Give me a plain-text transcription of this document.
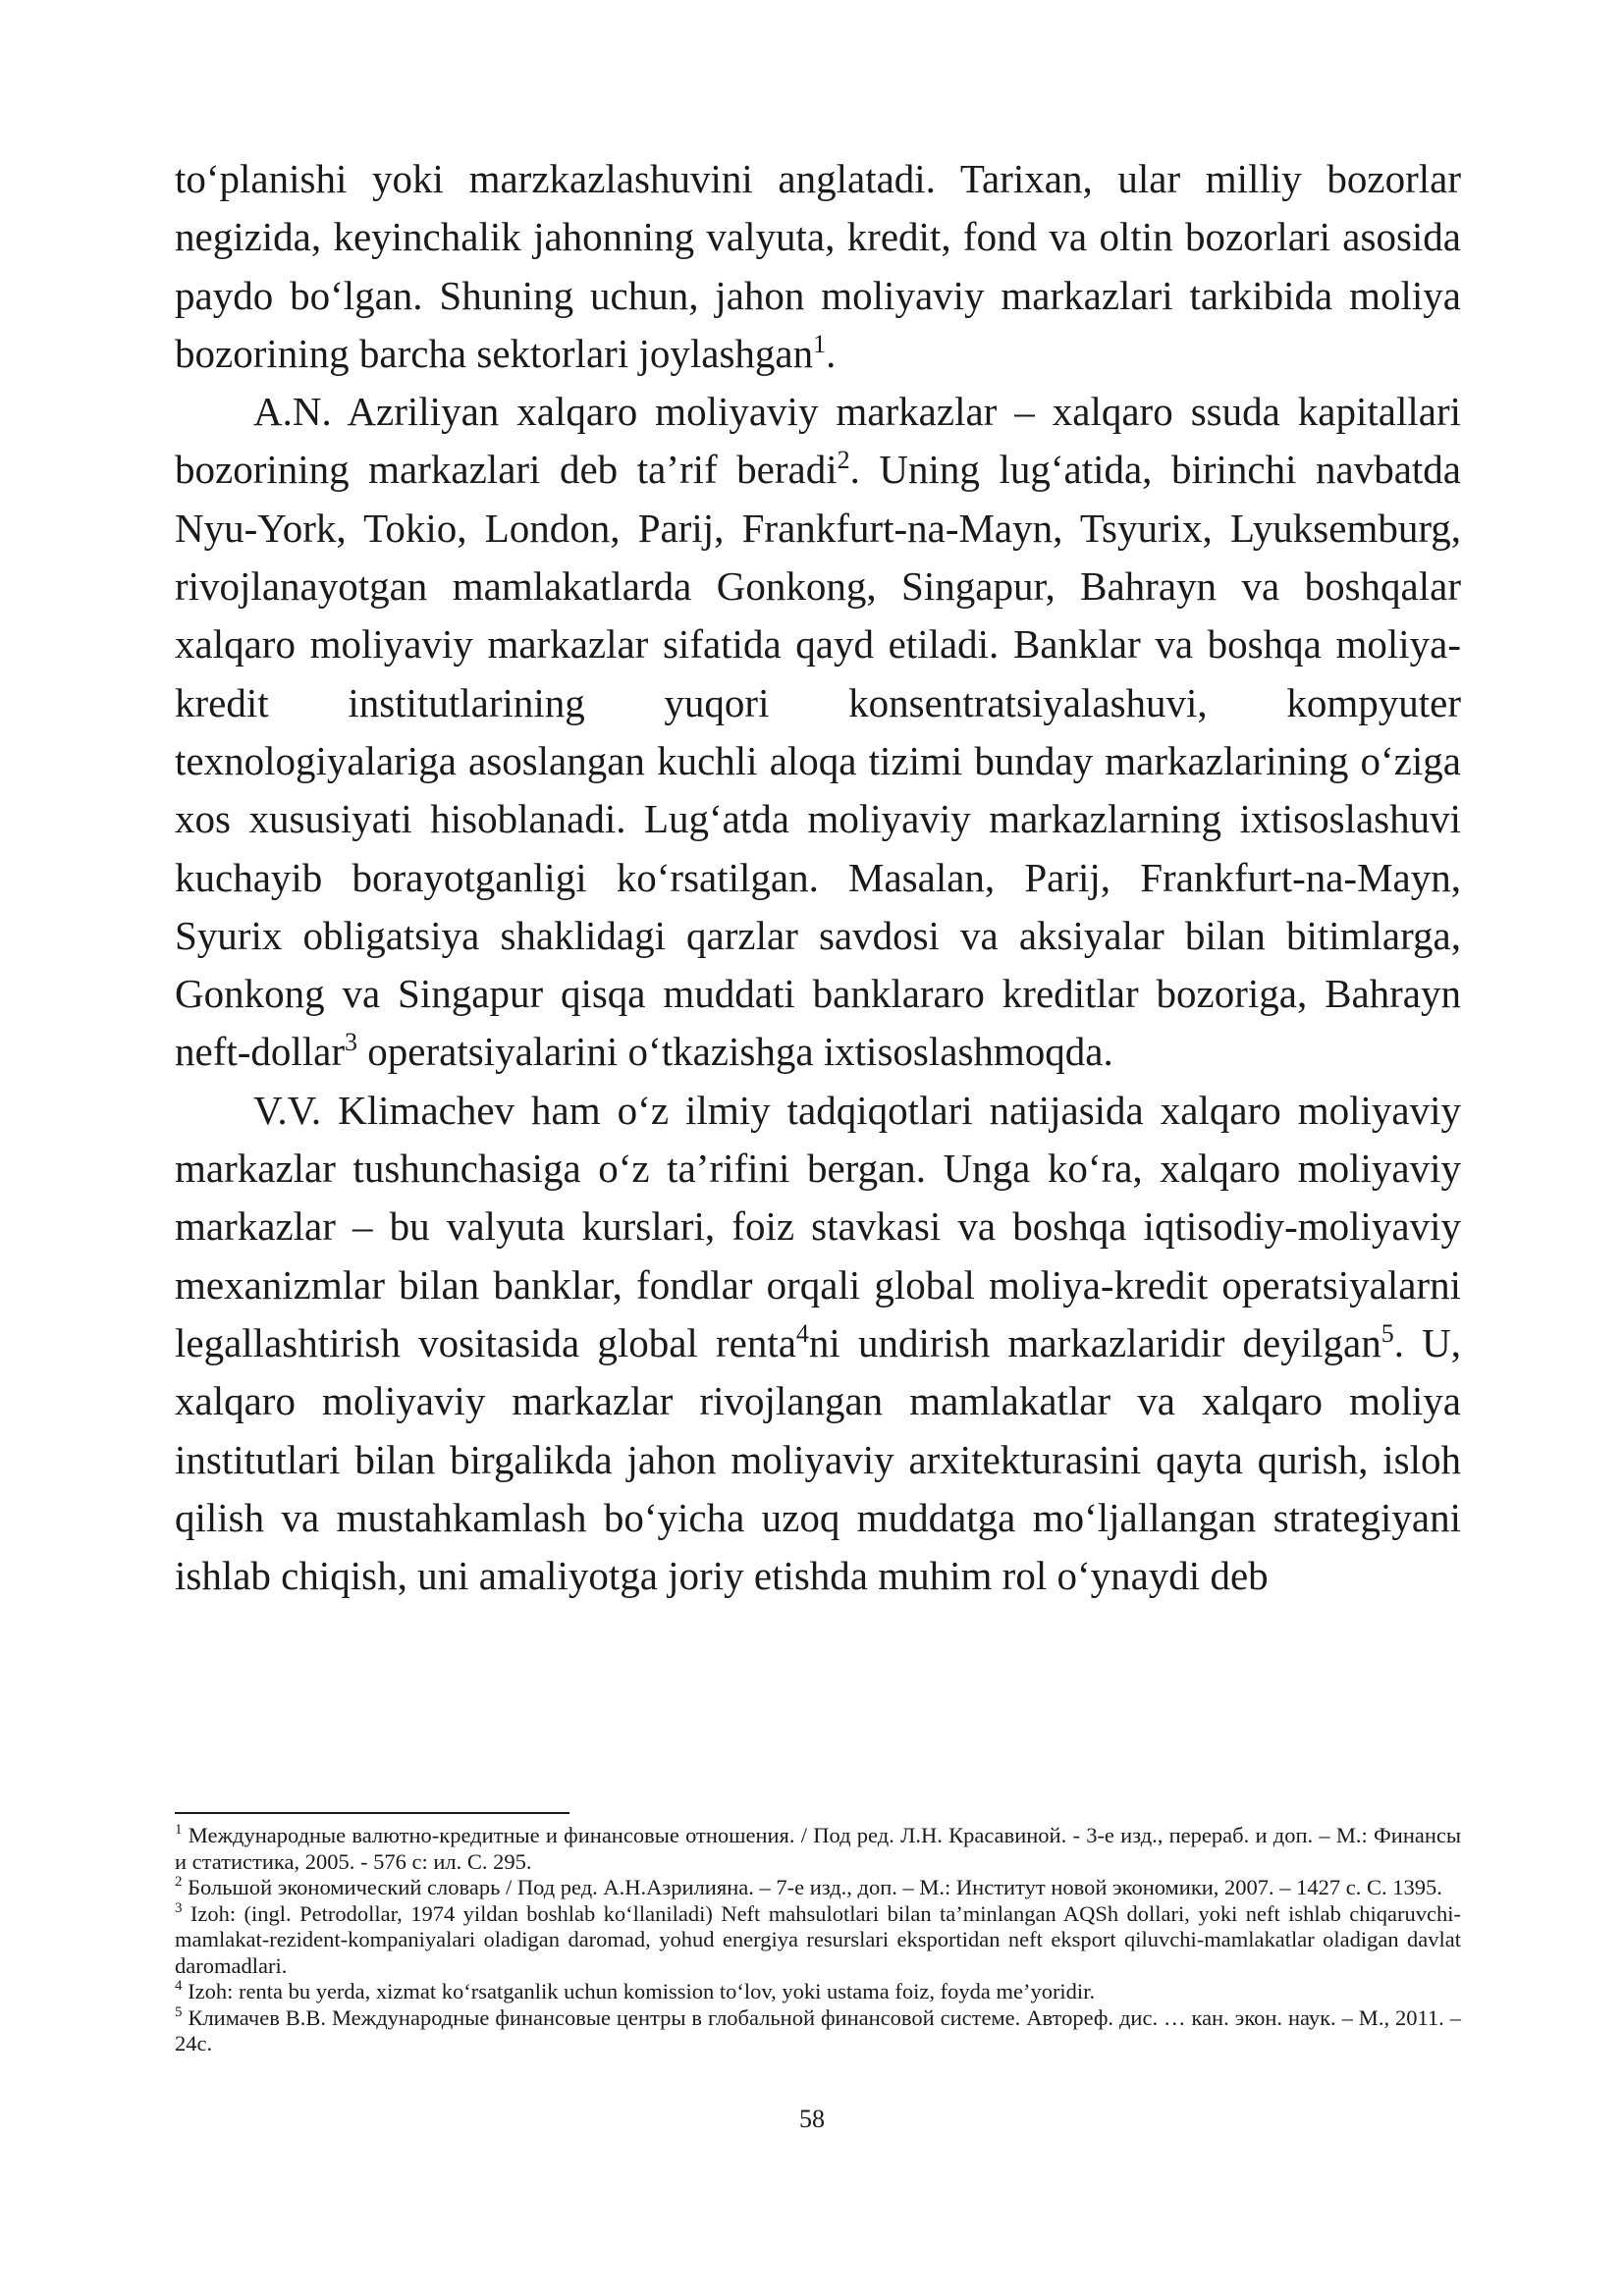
to‘planishi yoki marzkazlashuvini anglatadi. Tarixan, ular milliy bozorlar negizida, keyinchalik jahonning valyuta, kredit, fond va oltin bozorlari asosida paydo bo‘lgan. Shuning uchun, jahon moliyaviy markazlari tarkibida moliya bozorining barcha sektorlari joylashgan$^1$.

A.N. Azriliyan xalqaro moliyaviy markazlar – xalqaro ssuda kapitallari bozorining markazlari deb ta’rif beradi$^2$. Uning lug‘atida, birinchi navbatda Nyu-York, Tokio, London, Parij, Frankfurt-na-Mayn, Tsyurix, Lyuksemburg, rivojlanayotgan mamlakatlarda Gonkong, Singapur, Bahrayn va boshqalar xalqaro moliyaviy markazlar sifatida qayd etiladi. Banklar va boshqa moliya-kredit institutlarining yuqori konsentratsiyalashuvi, kompyuter texnologiyalariga asoslangan kuchli aloqa tizimi bunday markazlarining o‘ziga xos xususiyati hisoblanadi. Lug‘atda moliyaviy markazlarning ixtisoslashuvi kuchayib borayotganligi ko‘rsatilgan. Masalan, Parij, Frankfurt-na-Mayn, Syurix obligatsiya shaklidagi qarzlar savdosi va aksiyalar bilan bitimlarga, Gonkong va Singapur qisqa muddati banklararo kreditlar bozoriga, Bahrayn neft-dollar$^3$ operatsiyalarini o‘tkazishga ixtisoslashmoqda.

V.V. Klimachev ham o‘z ilmiy tadqiqotlari natijasida xalqaro moliyaviy markazlar tushunchasiga o‘z ta’rifini bergan. Unga ko‘ra, xalqaro moliyaviy markazlar – bu valyuta kurslari, foiz stavkasi va boshqa iqtisodiy-moliyaviy mexanizmlar bilan banklar, fondlar orqali global moliya-kredit operatsiyalarni legallashtirish vositasida global renta$^4$ni undirish markazlaridir deyilgan$^5$. U, xalqaro moliyaviy markazlar rivojlangan mamlakatlar va xalqaro moliya institutlari bilan birgalikda jahon moliyaviy arxitekturasini qayta qurish, isloh qilish va mustahkamlash bo‘yicha uzoq muddatga mo‘ljallangan strategiyani ishlab chiqish, uni amaliyotga joriy etishda muhim rol o‘ynaydi deb

$^1$ Международные валютно-кредитные и финансовые отношения. / Под ред. Л.Н. Красавиной. - 3-е изд., перераб. и доп. – М.: Финансы и статистика, 2005. - 576 с: ил. С. 295.

$^2$ Большой экономический словарь / Под ред. А.Н.Азрилияна. – 7-е изд., доп. – М.: Институт новой экономики, 2007. – 1427 с. С. 1395.

$^3$ Izoh: (ingl. Petrodollar, 1974 yildan boshlab ko‘llaniladi) Neft mahsulotlari bilan ta’minlangan AQSh dollari, yoki neft ishlab chiqaruvchi-mamlakat-rezident-kompaniyalari oladigan daromad, yohud energiya resurslari eksportidan neft eksport qiluvchi-mamlakatlar oladigan davlat daromadlari.

$^4$ Izoh: renta bu yerda, xizmat ko‘rsatganlik uchun komission to‘lov, yoki ustama foiz, foyda me’yoridir.

$^5$ Климачев В.В. Международные финансовые центры в глобальной финансовой системе. Автореф. дис. … кан. экон. наук. – М., 2011. – 24с.

58
